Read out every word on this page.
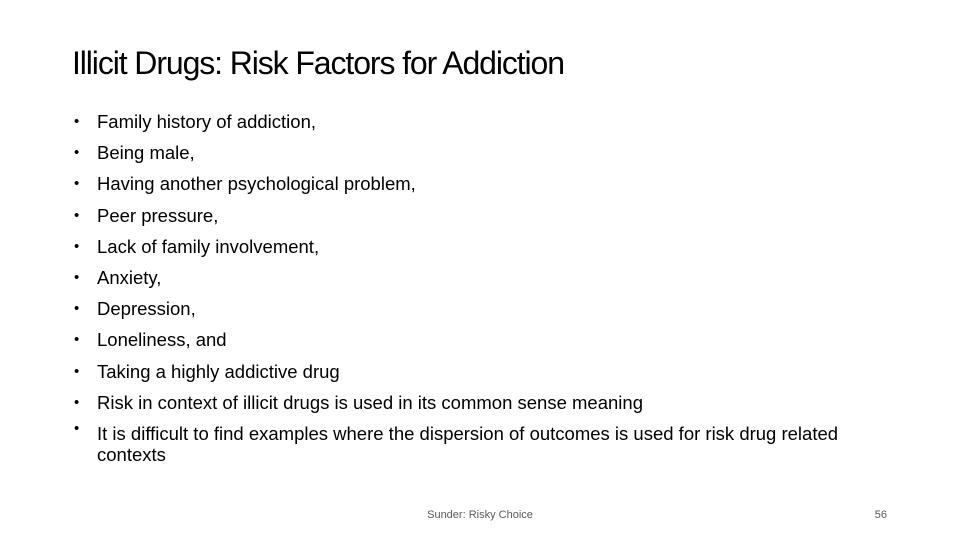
Illicit Drugs: Risk Factors for Addiction
• Family history of addiction,
• Being male,
• Having another psychological problem,
• Peer pressure,
• Lack of family involvement,
• Anxiety,
• Depression,
• Loneliness, and
• Taking a highly addictive drug
• Risk in context of illicit drugs is used in its common sense meaning
• It is difficult to find examples where the dispersion of outcomes is used for risk drug related contexts
Sunder: Risky Choice	56
